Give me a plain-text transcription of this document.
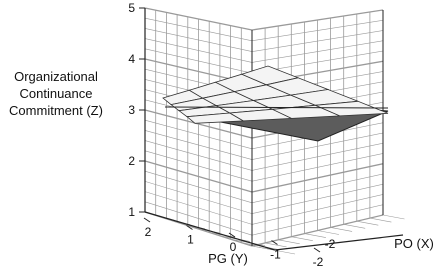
Organizational
Continuance
Commitment (Z)
1
2
3
4
5
2
1
0
-1
-2
-2
PG (Y)
PO (X)
